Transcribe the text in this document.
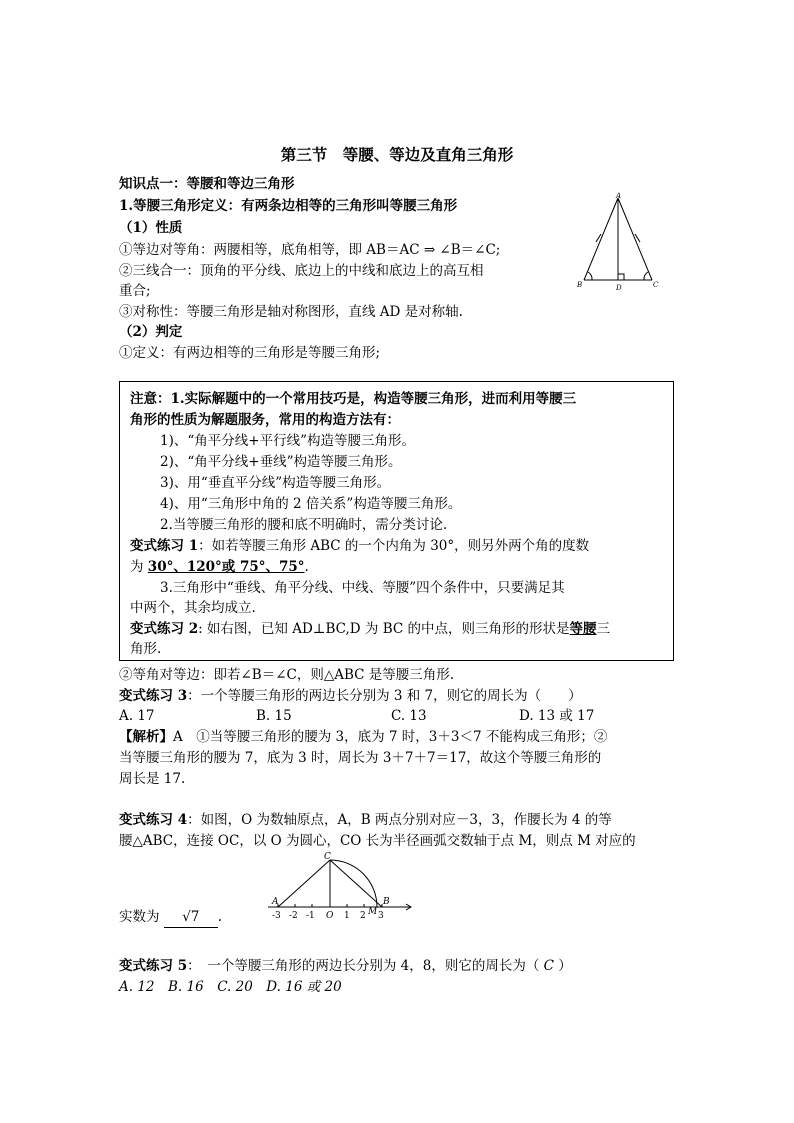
第三节　等腰、等边及直角三角形
知识点一：等腰和等边三角形
1.等腰三角形定义：有两条边相等的三角形叫等腰三角形
（1）性质
①等边对等角：两腰相等，底角相等，即 AB＝AC ⇒ ∠B＝∠C;
②三线合一：顶角的平分线、底边上的中线和底边上的高互相
重合;
③对称性：等腰三角形是轴对称图形，直线 AD 是对称轴.
（2）判定
①定义：有两边相等的三角形是等腰三角形;
A
B	C
D
注意：1.实际解题中的一个常用技巧是，构造等腰三角形，进而利用等腰三
角形的性质为解题服务，常用的构造方法有：
1)、“角平分线+平行线”构造等腰三角形。
2)、“角平分线+垂线”构造等腰三角形。
3)、用“垂直平分线”构造等腰三角形。
4)、用“三角形中角的 2 倍关系”构造等腰三角形。
2.当等腰三角形的腰和底不明确时，需分类讨论.
变式练习 1：如若等腰三角形 ABC 的一个内角为 30°，则另外两个角的度数
为 30°、120°或 75°、75°.
3.三角形中“垂线、角平分线、中线、等腰”四个条件中，只要满足其
中两个，其余均成立.
变式练习 2: 如右图，已知 AD⊥BC,D 为 BC 的中点，则三角形的形状是等腰三
角形.
②等角对等边：即若∠B＝∠C，则△ABC 是等腰三角形.
变式练习 3：一个等腰三角形的两边长分别为 3 和 7，则它的周长为（　　）
A. 17	B. 15	C. 13	D. 13 或 17
【解析】A　①当等腰三角形的腰为 3，底为 7 时，3＋3＜7 不能构成三角形；②
当等腰三角形的腰为 7，底为 3 时，周长为 3＋7＋7＝17，故这个等腰三角形的
周长是 17.
变式练习 4：如图，O 为数轴原点，A，B 两点分别对应－3，3，作腰长为 4 的等
腰△ABC，连接 OC，以 O 为圆心，CO 长为半径画弧交数轴于点 M，则点 M 对应的
实数为 √7 .	-3 -2 -1	1 2 3
O
A	B
C
M
变式练习 5：　一个等腰三角形的两边长分别为 4，8，则它的周长为（ C ）
A. 12　B. 16　C. 20　D. 16 或 20
